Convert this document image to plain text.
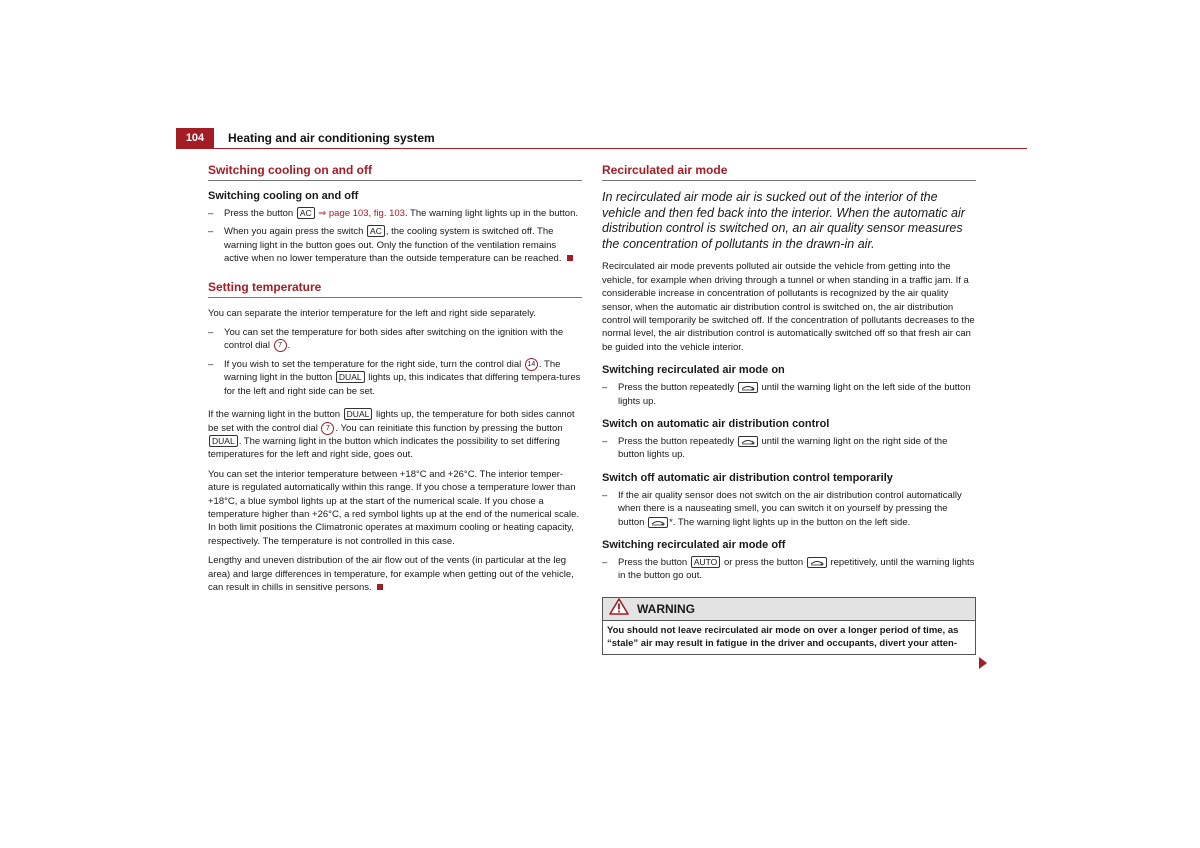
104	Heating and air conditioning system
Switching cooling on and off
Switching cooling on and off
– Press the button AC ⇒ page 103, fig. 103. The warning light lights up in the button.
– When you again press the switch AC , the cooling system is switched off. The warning light in the button goes out. Only the function of the ventilation remains active when no lower temperature than the outside temperature can be reached.
Setting temperature

You can separate the interior temperature for the left and right side separately.

– You can set the temperature for both sides after switching on the ignition with the control dial 7 .
– If you wish to set the temperature for the right side, turn the control dial 14 . The warning light in the button DUAL lights up, this indicates that differing tempera-tures for the left and right side can be set.

If the warning light in the button DUAL lights up, the temperature for both sides cannot be set with the control dial 7 . You can reinitiate this function by pressing the button DUAL . The warning light in the button which indicates the possibility to set differing temperatures for the left and right side, goes out.

You can set the interior temperature between +18°C and +26°C. The interior temper-ature is regulated automatically within this range. If you chose a temperature lower than +18°C, a blue symbol lights up at the start of the numerical scale. If you chose a temperature higher than +26°C, a red symbol lights up at the end of the numerical scale. In both limit positions the Climatronic operates at maximum cooling or heating capacity, respectively. The temperature is not controlled in this case.

Lengthy and uneven distribution of the air flow out of the vents (in particular at the leg area) and large differences in temperature, for example when getting out of the vehicle, can result in chills in sensitive persons.

Recirculated air mode

In recirculated air mode air is sucked out of the interior of the vehicle and then fed back into the interior. When the automatic air distribution control is switched on, an air quality sensor measures the concentration of pollutants in the drawn-in air.

Recirculated air mode prevents polluted air outside the vehicle from getting into the vehicle, for example when driving through a tunnel or when standing in a traffic jam. If a considerable increase in concentration of pollutants is recognized by the air quality sensor, when the automatic air distribution control is switched on, the air distribution control will temporarily be switched off. If the concentration of pollutants decreases to the normal level, the air distribution control is automatically switched off so that fresh air can be guided into the vehicle interior.

Switching recirculated air mode on
– Press the button repeatedly	until the warning light on the left side of the button lights up.
Switch on automatic air distribution control
– Press the button repeatedly	until the warning light on the right side of the button lights up.
Switch off automatic air distribution control temporarily
– If the air quality sensor does not switch on the air distribution control automatically when there is a nauseating smell, you can switch it on yourself by pressing the button	*. The warning light lights up in the button on the left side.
Switching recirculated air mode off
– Press the button AUTO or press the button	repetitively, until the warning lights in the button go out.
WARNING
You should not leave recirculated air mode on over a longer period of time, as “stale” air may result in fatigue in the driver and occupants, divert your atten-
